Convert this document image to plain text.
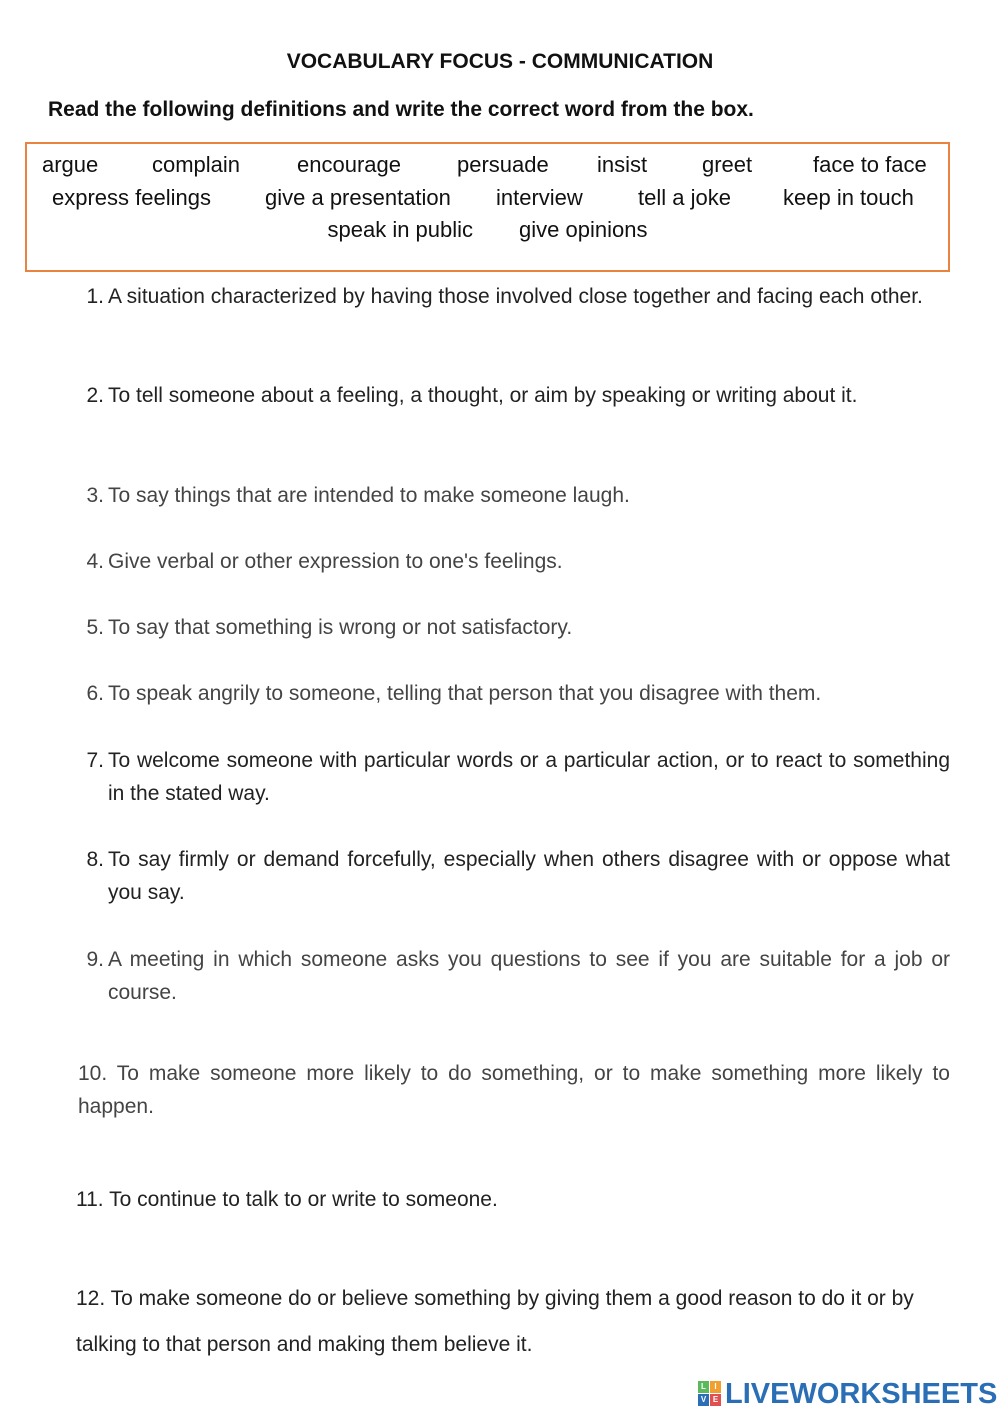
VOCABULARY FOCUS - COMMUNICATION
Read the following definitions and write the correct word from the box.
argue complain	encourage	persuade insist greet	face to face
express feelings give a presentation interview	tell a joke keep in touch
speak in public give opinions
1. A situation characterized by having those involved close together and facing each other.
2. To tell someone about a feeling, a thought, or aim by speaking or writing about it.
3. To say things that are intended to make someone laugh.
4. Give verbal or other expression to one's feelings.
5. To say that something is wrong or not satisfactory.
6. To speak angrily to someone, telling that person that you disagree with them.
7. To welcome someone with particular words or a particular action, or to react to something in the stated way.
8. To say firmly or demand forcefully, especially when others disagree with or oppose what you say.
9. A meeting in which someone asks you questions to see if you are suitable for a job or course.
10. To make someone more likely to do something, or to make something more likely to happen.
11. To continue to talk to or write to someone.
12. To make someone do or believe something by giving them a good reason to do it or by talking to that person and making them believe it.
L	I
V E LIVEWORKSHEETS
